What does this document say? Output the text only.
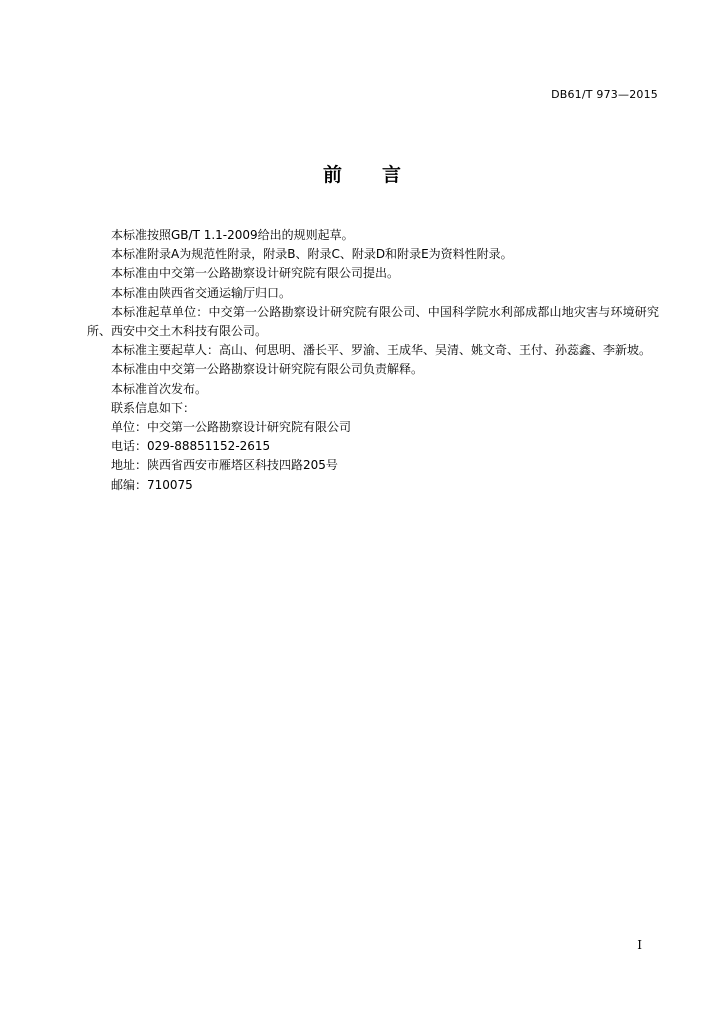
DB61/T 973—2015
前 言

本标准按照GB/T 1.1-2009给出的规则起草。

本标准附录A为规范性附录，附录B、附录C、附录D和附录E为资料性附录。

本标准由中交第一公路勘察设计研究院有限公司提出。

本标准由陕西省交通运输厅归口。

本标准起草单位：中交第一公路勘察设计研究院有限公司、中国科学院水利部成都山地灾害与环境研究所、西安中交土木科技有限公司。

本标准主要起草人：高山、何思明、潘长平、罗渝、王成华、吴清、姚文奇、王付、孙蕊鑫、李新坡。

本标准由中交第一公路勘察设计研究院有限公司负责解释。

本标准首次发布。

联系信息如下：

单位：中交第一公路勘察设计研究院有限公司

电话：029-88851152-2615

地址：陕西省西安市雁塔区科技四路205号

邮编：710075

I
